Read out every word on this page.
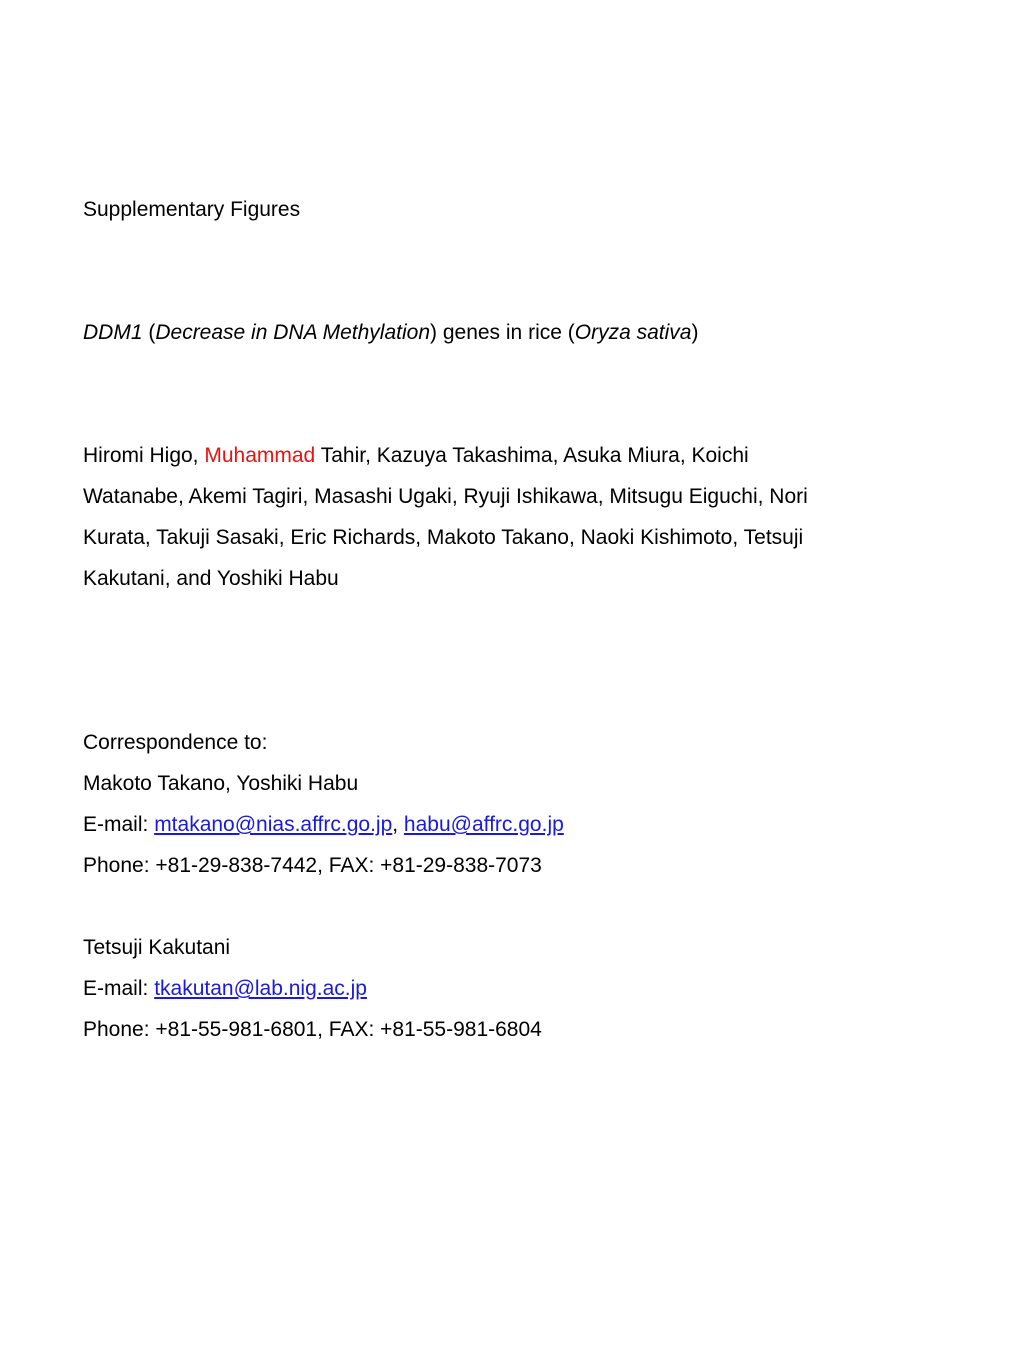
Supplementary Figures
DDM1 (Decrease in DNA Methylation) genes in rice (Oryza sativa)
Hiromi Higo, Muhammad Tahir, Kazuya Takashima, Asuka Miura, Koichi
Watanabe, Akemi Tagiri, Masashi Ugaki, Ryuji Ishikawa, Mitsugu Eiguchi, Nori
Kurata, Takuji Sasaki, Eric Richards, Makoto Takano, Naoki Kishimoto, Tetsuji
Kakutani, and Yoshiki Habu
Correspondence to:
Makoto Takano, Yoshiki Habu
E-mail: mtakano@nias.affrc.go.jp, habu@affrc.go.jp
Phone: +81-29-838-7442, FAX: +81-29-838-7073
Tetsuji Kakutani
E-mail: tkakutan@lab.nig.ac.jp
Phone: +81-55-981-6801, FAX: +81-55-981-6804
